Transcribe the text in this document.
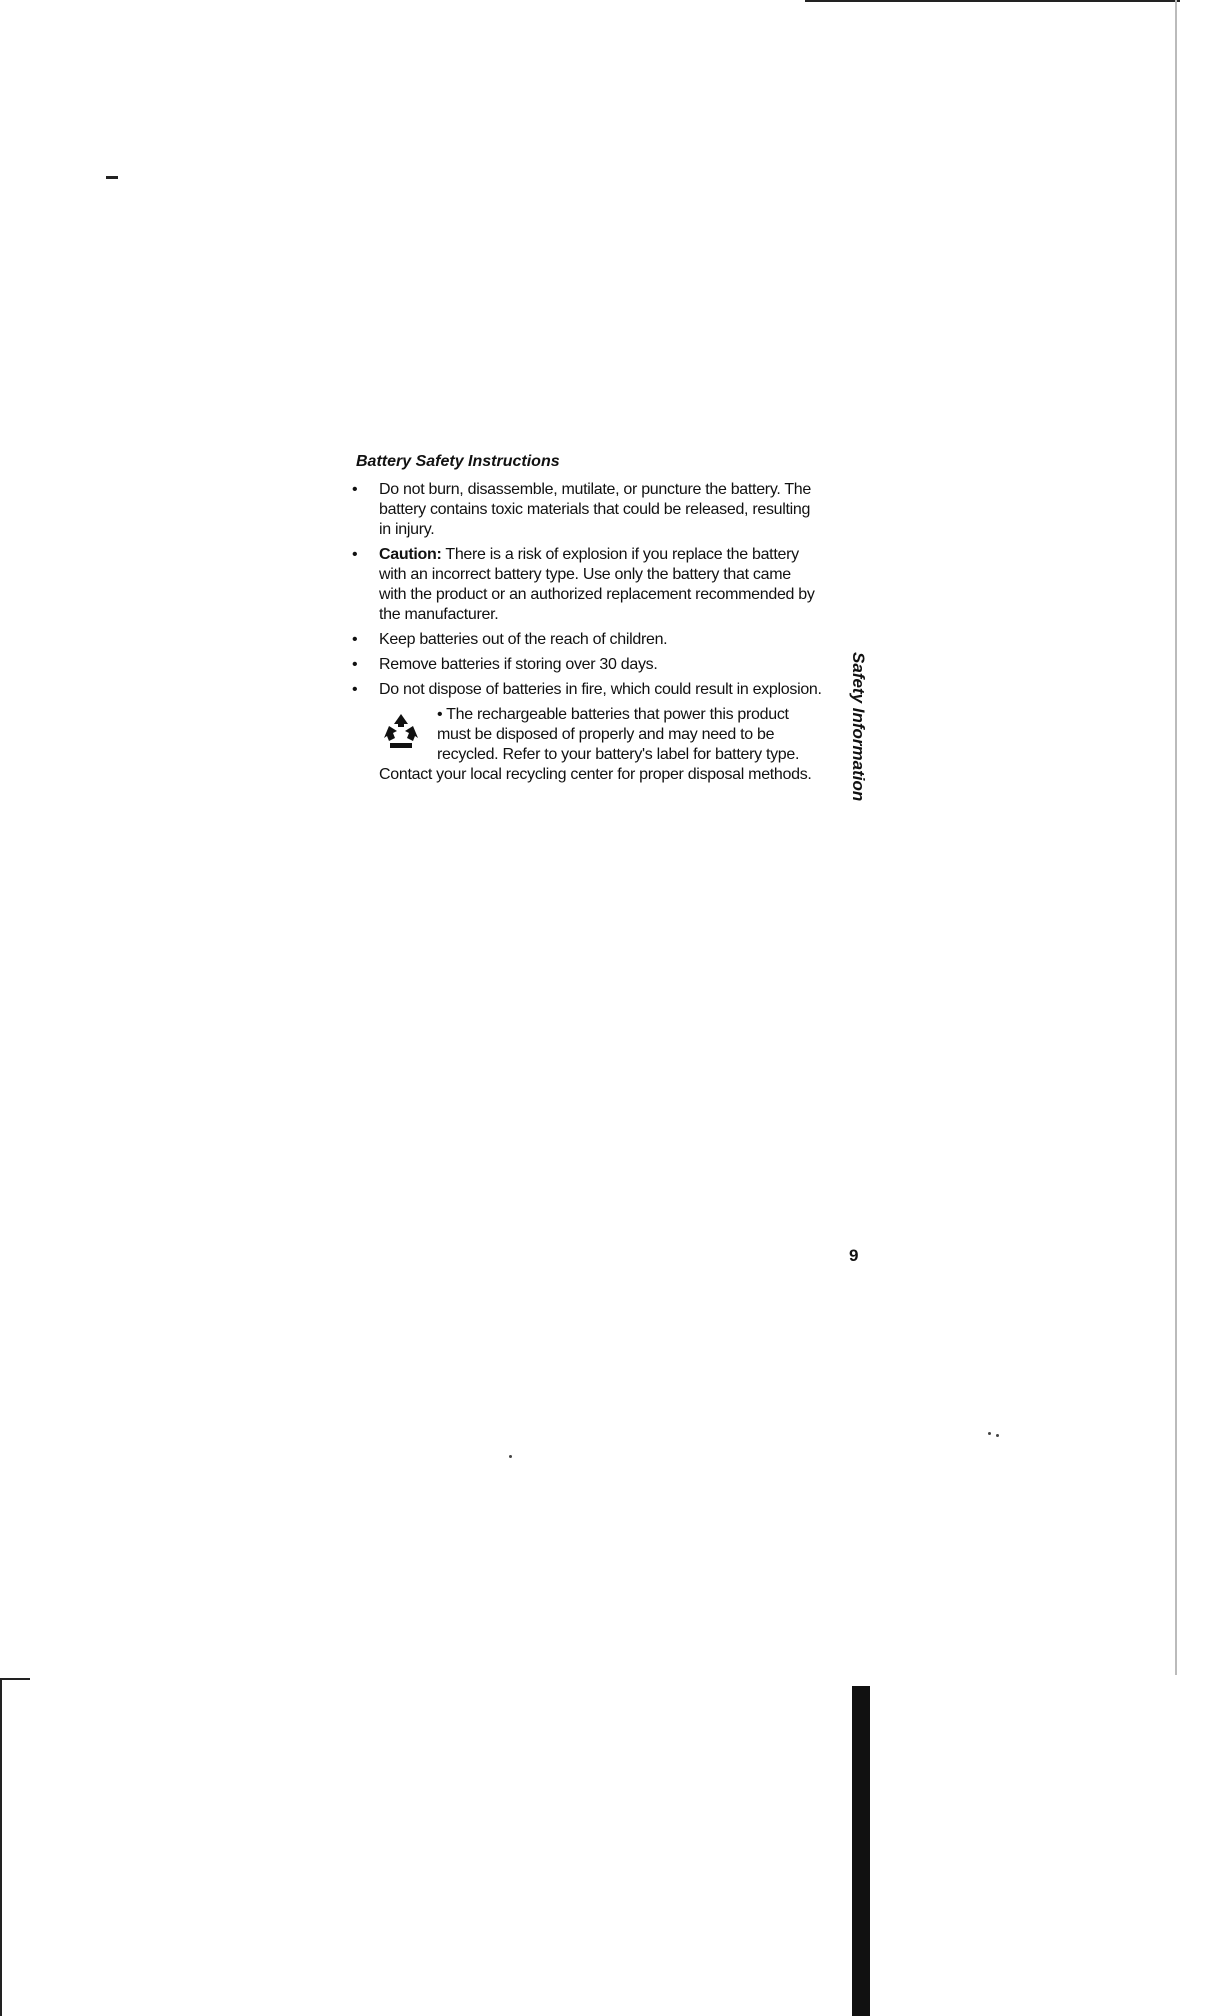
Battery Safety Instructions
•	Do not burn, disassemble, mutilate, or puncture the battery. The battery contains toxic materials that could be released, resulting in injury.
•	Caution: There is a risk of explosion if you replace the battery with an incorrect battery type. Use only the battery that came with the product or an authorized replacement recommended by the manufacturer.
•	Keep batteries out of the reach of children.
•	Remove batteries if storing over 30 days.
•	Do not dispose of batteries in fire, which could result in explosion.
• The rechargeable batteries that power this product must be disposed of properly and may need to be recycled. Refer to your battery's label for battery type.
Contact your local recycling center for proper disposal methods.	Safety Information
9
